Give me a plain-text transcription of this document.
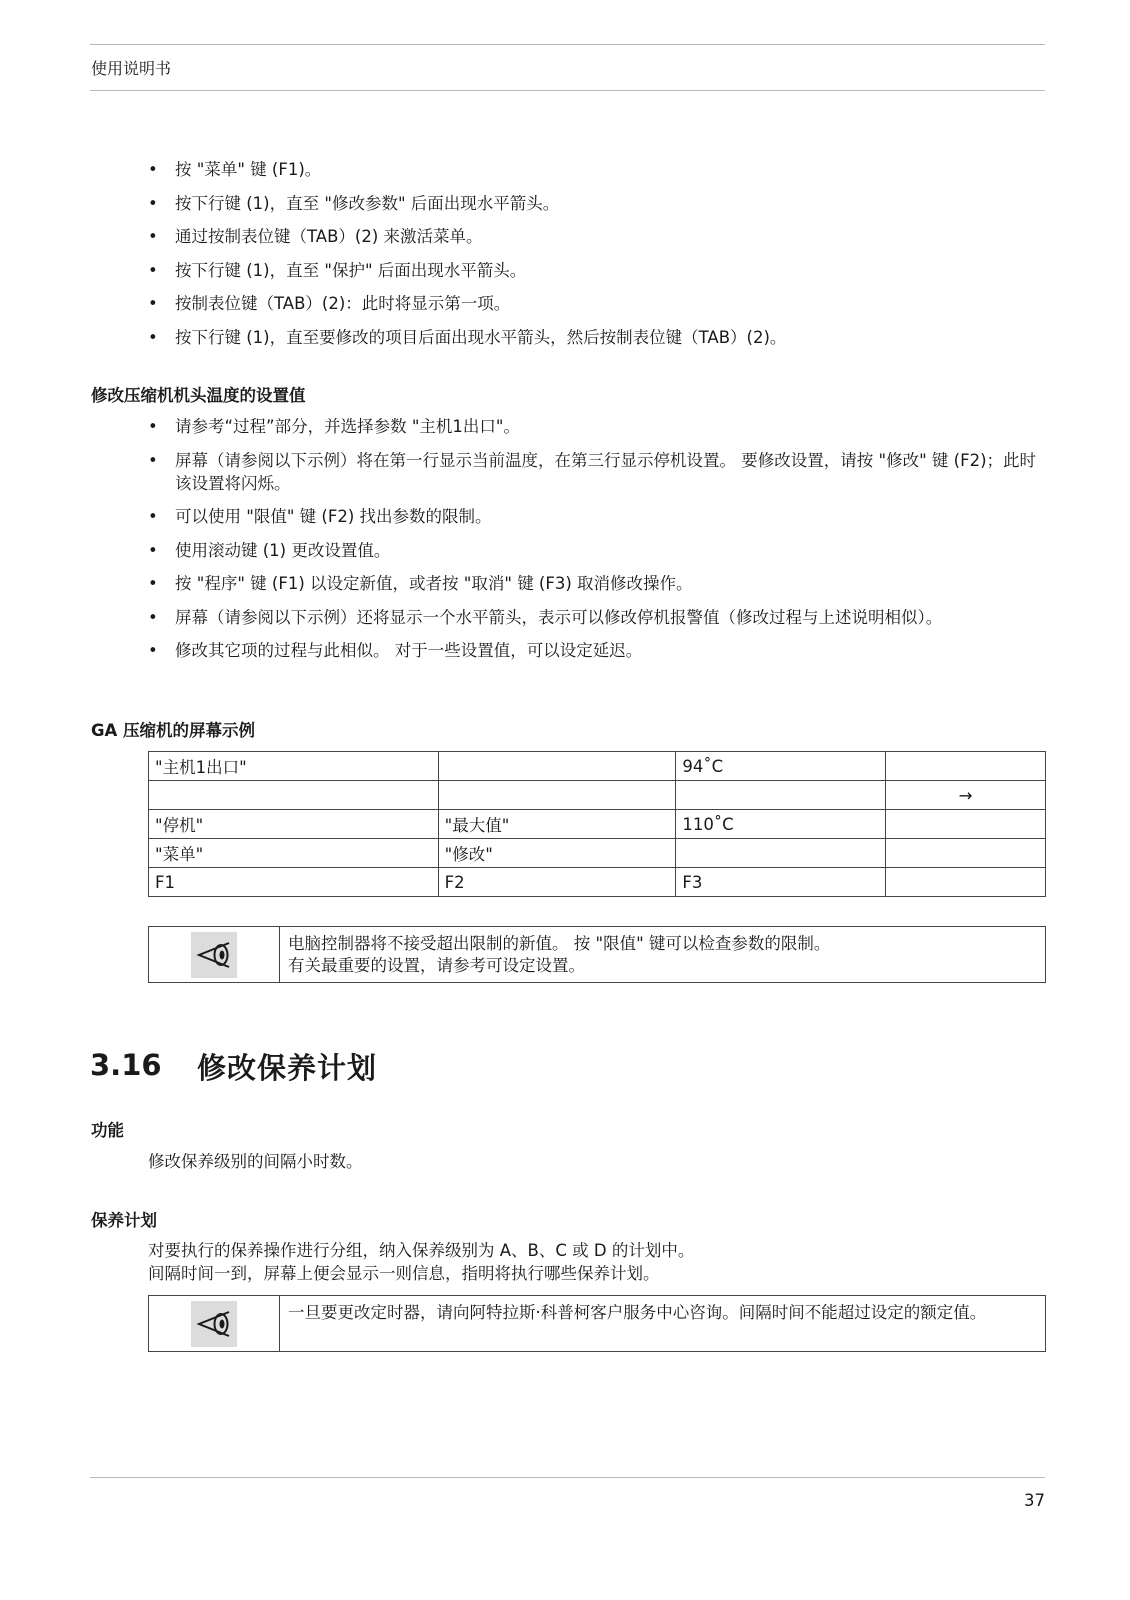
使用说明书
• 按 "菜单" 键 (F1)。
• 按下行键 (1)，直至 "修改参数" 后面出现水平箭头。
• 通过按制表位键（TAB）(2) 来激活菜单。
• 按下行键 (1)，直至 "保护" 后面出现水平箭头。
• 按制表位键（TAB）(2)：此时将显示第一项。
• 按下行键 (1)，直至要修改的项目后面出现水平箭头，然后按制表位键（TAB）(2)。
修改压缩机机头温度的设置值
• 请参考“过程”部分，并选择参数 "主机1出口"。
• 屏幕（请参阅以下示例）将在第一行显示当前温度，在第三行显示停机设置。 要修改设置，请按 "修改" 键 (F2)；此时该设置将闪烁。
• 可以使用 "限值" 键 (F2) 找出参数的限制。
• 使用滚动键 (1) 更改设置值。
• 按 "程序" 键 (F1) 以设定新值，或者按 "取消" 键 (F3) 取消修改操作。
• 屏幕（请参阅以下示例）还将显示一个水平箭头，表示可以修改停机报警值（修改过程与上述说明相似）。
• 修改其它项的过程与此相似。 对于一些设置值，可以设定延迟。
GA 压缩机的屏幕示例
"主机1出口"		94˚C	
			→
"停机"	"最大值"	110˚C	
"菜单"	"修改"		
F1	F2	F3	
电脑控制器将不接受超出限制的新值。 按 "限值" 键可以检查参数的限制。
有关最重要的设置，请参考可设定设置。
3.16 修改保养计划
功能
修改保养级别的间隔小时数。
保养计划
对要执行的保养操作进行分组，纳入保养级别为 A、B、C 或 D 的计划中。
间隔时间一到，屏幕上便会显示一则信息，指明将执行哪些保养计划。
一旦要更改定时器，请向阿特拉斯·科普柯客户服务中心咨询。间隔时间不能超过设定的额定值。
37
